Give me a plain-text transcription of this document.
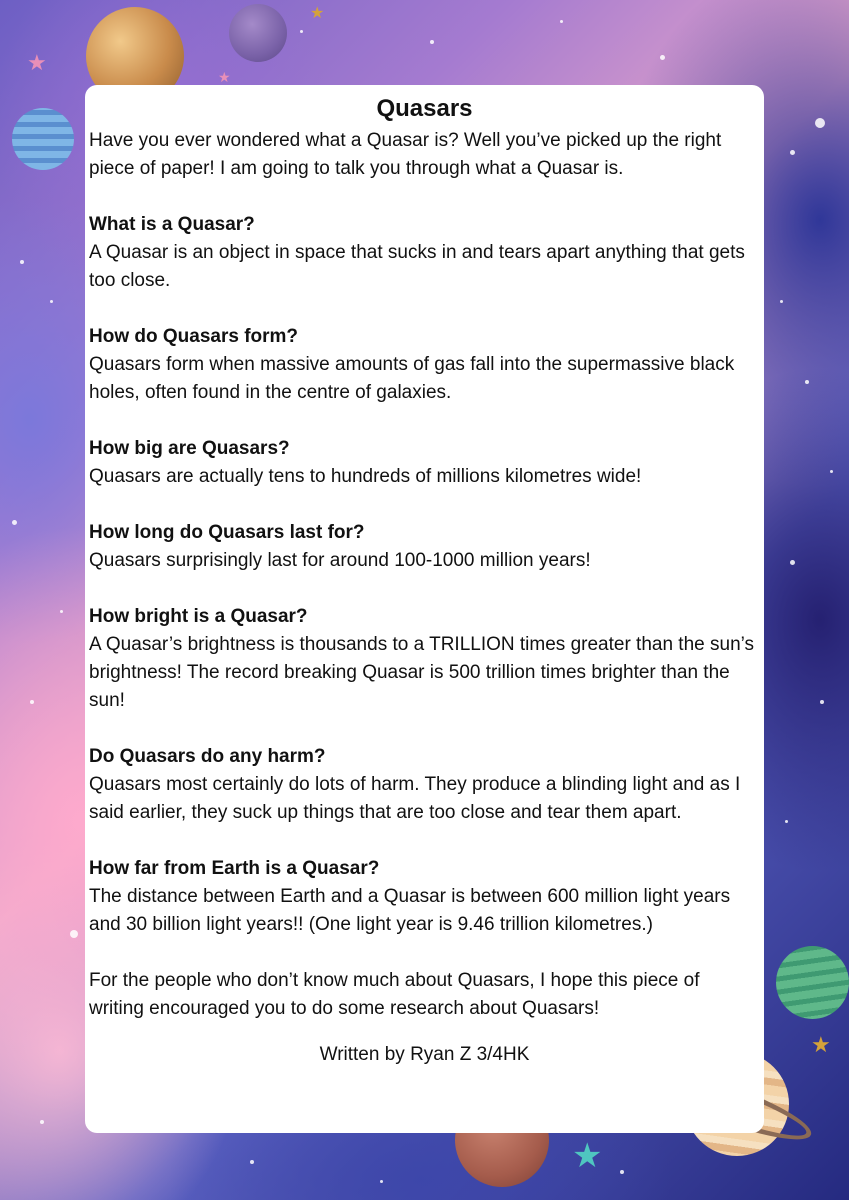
★
★
★
★
★
Quasars

Have you ever wondered what a Quasar is? Well you’ve picked up the right piece of paper! I am going to talk you through what a Quasar is.

What is a Quasar?

A Quasar is an object in space that sucks in and tears apart anything that gets too close.

How do Quasars form?

Quasars form when massive amounts of gas fall into the supermassive black holes, often found in the centre of galaxies.

How big are Quasars?

Quasars are actually tens to hundreds of millions kilometres wide!

How long do Quasars last for?

Quasars surprisingly last for around 100-1000 million years!

How bright is a Quasar?

A Quasar’s brightness is thousands to a TRILLION times greater than the sun’s brightness! The record breaking Quasar is 500 trillion times brighter than the sun!

Do Quasars do any harm?

Quasars most certainly do lots of harm. They produce a blinding light and as I said earlier, they suck up things that are too close and tear them apart.

How far from Earth is a Quasar?

The distance between Earth and a Quasar is between 600 million light years and 30 billion light years!! (One light year is 9.46 trillion kilometres.)

For the people who don’t know much about Quasars, I hope this piece of writing encouraged you to do some research about Quasars!

Written by Ryan Z 3/4HK
